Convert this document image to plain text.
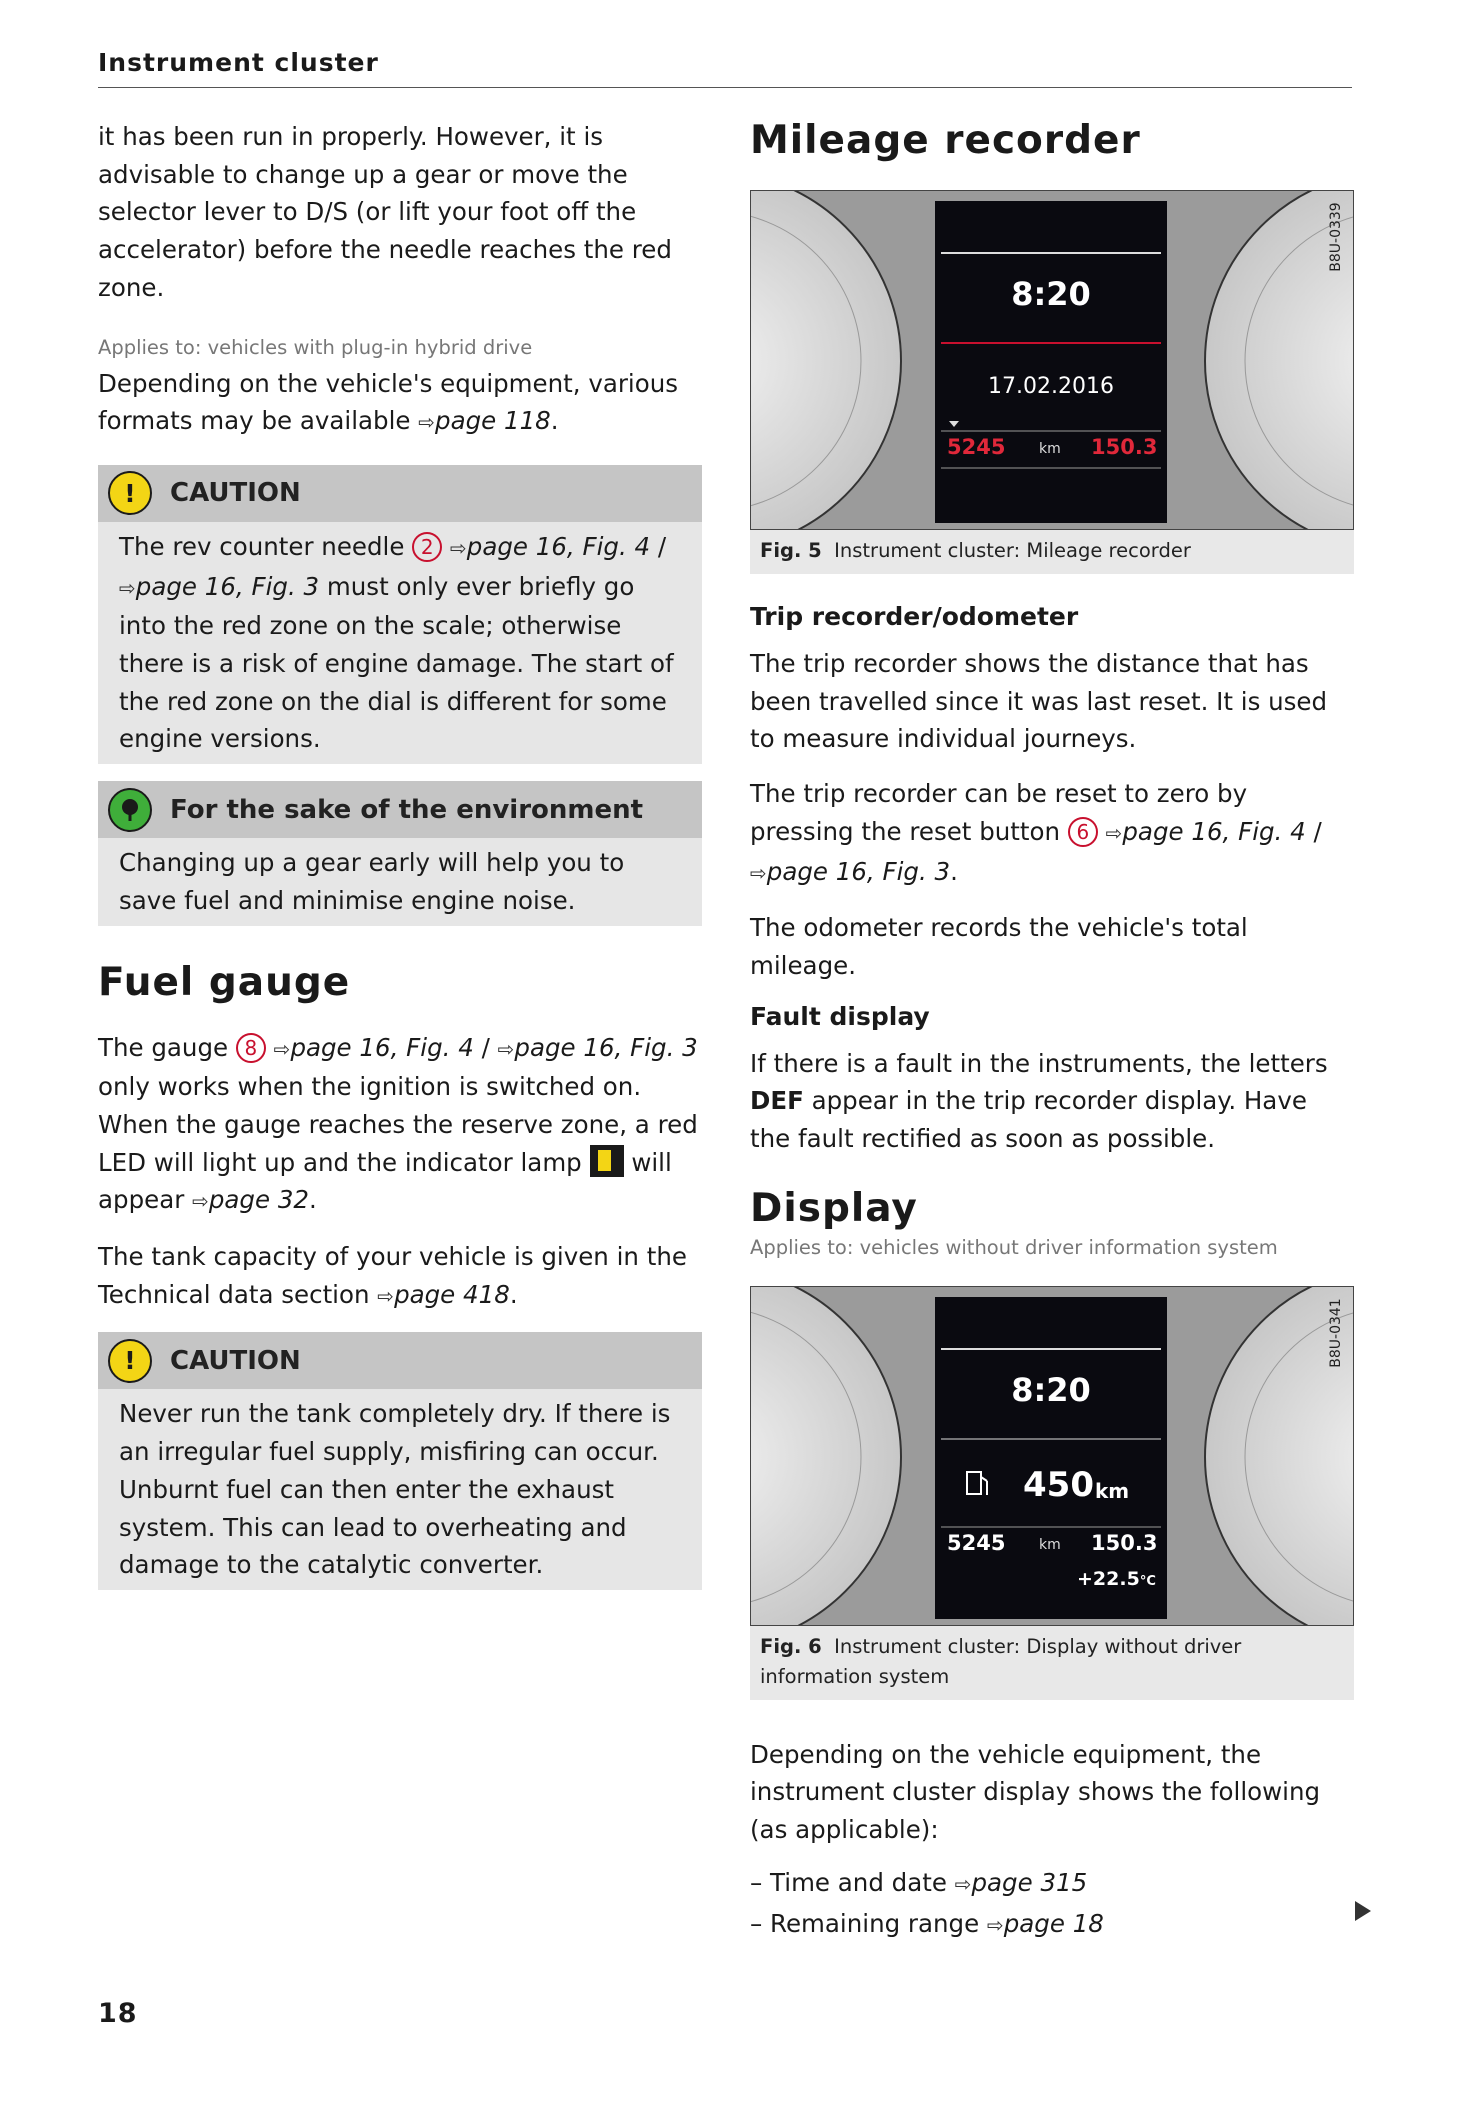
Instrument cluster

it has been run in properly. However, it is advisable to change up a gear or move the selector lever to D/S (or lift your foot off the accelerator) before the needle reaches the red zone.

Applies to: vehicles with plug-in hybrid drive

Depending on the vehicle's equipment, various formats may be available ⇨page 118.

!	CAUTION

The rev counter needle 2 ⇨page 16, Fig. 4 / ⇨page 16, Fig. 3 must only ever briefly go into the red zone on the scale; otherwise there is a risk of engine damage. The start of the red zone on the dial is different for some engine versions.

For the sake of the environment

Changing up a gear early will help you to save fuel and minimise engine noise.

Fuel gauge

The gauge 8 ⇨page 16, Fig. 4 / ⇨page 16, Fig. 3 only works when the ignition is switched on. When the gauge reaches the reserve zone, a red LED will light up and the indicator lamp will appear ⇨page 32.

The tank capacity of your vehicle is given in the Technical data section ⇨page 418.

!	CAUTION

Never run the tank completely dry. If there is an irregular fuel supply, misfiring can occur. Unburnt fuel can then enter the exhaust system. This can lead to overheating and damage to the catalytic converter.

Mileage recorder
8:20
17.02.2016
5245 km 150.3
B8U-0339
Fig. 5 Instrument cluster: Mileage recorder
Trip recorder/odometer

The trip recorder shows the distance that has been travelled since it was last reset. It is used to measure individual journeys.

The trip recorder can be reset to zero by pressing the reset button 6 ⇨page 16, Fig. 4 / ⇨page 16, Fig. 3.

The odometer records the vehicle's total mileage.

Fault display

If there is a fault in the instruments, the letters DEF appear in the trip recorder display. Have the fault rectified as soon as possible.

Display
Applies to: vehicles without driver information system
8:20
450 km
5245 km 150.3
+22.5°C
B8U-0341
Fig. 6 Instrument cluster: Display without driver information system

Depending on the vehicle equipment, the instrument cluster display shows the following (as applicable):

– Time and date ⇨page 315
– Remaining range ⇨page 18
18
